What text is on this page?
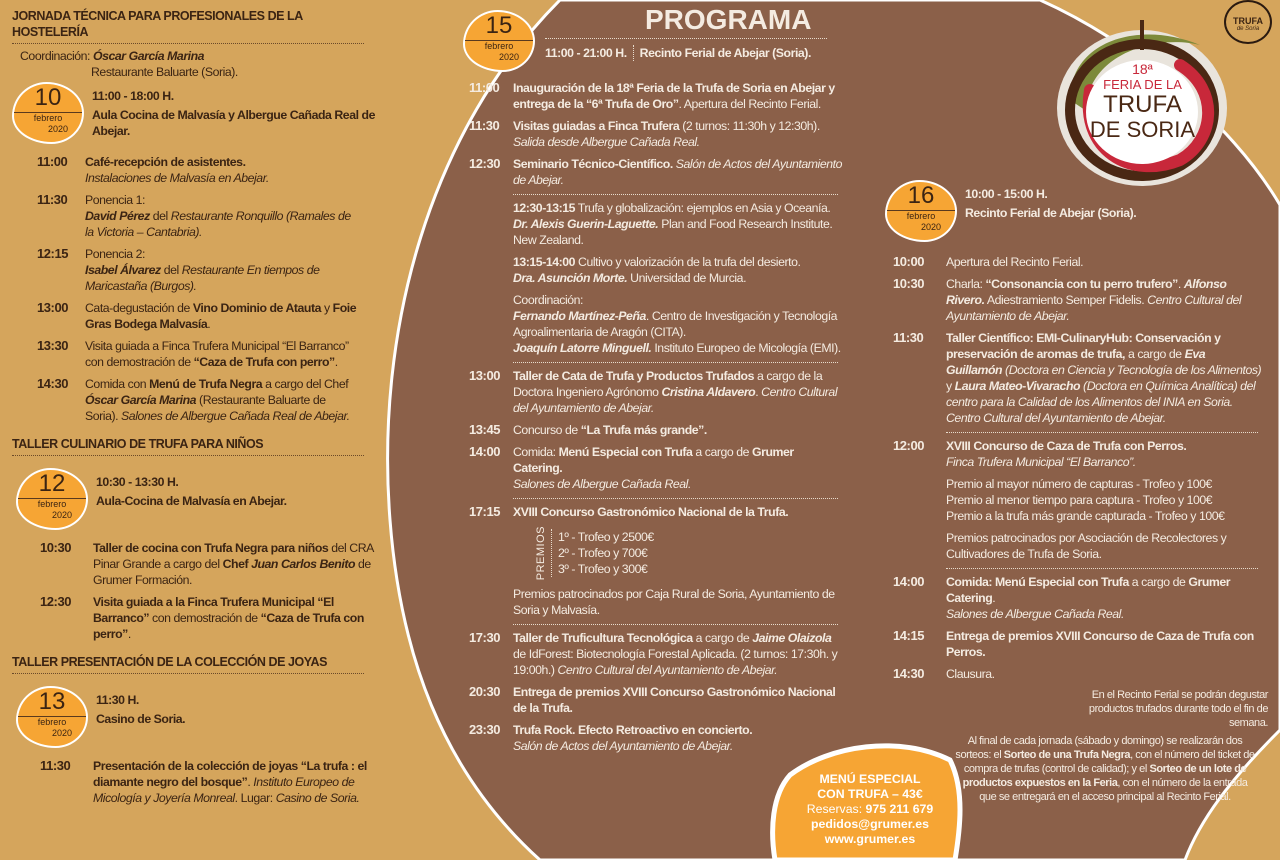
18ª
FERIA DE LA
TRUFA
DE SORIA
TRUFA
de Soria
JORNADA TÉCNICA PARA PROFESIONALES DE LA HOSTELERÍA
Coordinación: Óscar García Marina
Restaurante Baluarte (Soria).
10
febrero
2020
11:00 - 18:00 H.
Aula Cocina de Malvasía y Albergue Cañada Real de Abejar.
11:00	Café-recepción de asistentes.
Instalaciones de Malvasía en Abejar.
11:30	Ponencia 1:
David Pérez del Restaurante Ronquillo (Ramales de la Victoria – Cantabria).
12:15	Ponencia 2:
Isabel Álvarez del Restaurante En tiempos de Maricastaña (Burgos).
13:00	Cata-degustación de Vino Dominio de Atauta y Foie Gras Bodega Malvasía.
13:30	Visita guiada a Finca Trufera Municipal “El Barranco” con demostración de “Caza de Trufa con perro”.
14:30	Comida con Menú de Trufa Negra a cargo del Chef Óscar García Marina (Restaurante Baluarte de Soria). Salones de Albergue Cañada Real de Abejar.
TALLER CULINARIO DE TRUFA PARA NIÑOS
12
febrero
2020
10:30 - 13:30 H.
Aula-Cocina de Malvasía en Abejar.
10:30	Taller de cocina con Trufa Negra para niños del CRA Pinar Grande a cargo del Chef Juan Carlos Benito de Grumer Formación.
12:30	Visita guiada a la Finca Trufera Municipal “El Barranco” con demostración de “Caza de Trufa con perro”.
TALLER PRESENTACIÓN DE LA COLECCIÓN DE JOYAS
13
febrero
2020
11:30 H.
Casino de Soria.
11:30	Presentación de la colección de joyas “La trufa : el diamante negro del bosque”. Instituto Europeo de Micología y Joyería Monreal. Lugar: Casino de Soria.
15
febrero
2020
PROGRAMA
11:00 - 21:00 H.	Recinto Ferial de Abejar (Soria).
11:00	Inauguración de la 18ª Feria de la Trufa de Soria en Abejar y entrega de la “6ª Trufa de Oro”. Apertura del Recinto Ferial.
11:30	Visitas guiadas a Finca Trufera (2 turnos: 11:30h y 12:30h).
Salida desde Albergue Cañada Real.
12:30	Seminario Técnico-Científico. Salón de Actos del Ayuntamiento de Abejar.
12:30-13:15 Trufa y globalización: ejemplos en Asia y Oceanía.
Dr. Alexis Guerin-Laguette. Plan and Food Research Institute. New Zealand.
13:15-14:00 Cultivo y valorización de la trufa del desierto.
Dra. Asunción Morte. Universidad de Murcia.
Coordinación:
Fernando Martínez-Peña. Centro de Investigación y Tecnología Agroalimentaria de Aragón (CITA).
Joaquín Latorre Minguell. Instituto Europeo de Micología (EMI).
13:00	Taller de Cata de Trufa y Productos Trufados a cargo de la Doctora Ingeniero Agrónomo Cristina Aldavero. Centro Cultural del Ayuntamiento de Abejar.
13:45	Concurso de “La Trufa más grande”.
14:00	Comida: Menú Especial con Trufa a cargo de Grumer Catering.
Salones de Albergue Cañada Real.
17:15	XVIII Concurso Gastronómico Nacional de la Trufa.
PREMIOS 1º - Trofeo y 2500€
2º - Trofeo y 700€
3º - Trofeo y 300€
Premios patrocinados por Caja Rural de Soria, Ayuntamiento de Soria y Malvasía.
17:30	Taller de Truficultura Tecnológica a cargo de Jaime Olaizola de IdForest: Biotecnología Forestal Aplicada. (2 turnos: 17:30h. y 19:00h.) Centro Cultural del Ayuntamiento de Abejar.
20:30	Entrega de premios XVIII Concurso Gastronómico Nacional de la Trufa.
23:30	Trufa Rock. Efecto Retroactivo en concierto.
Salón de Actos del Ayuntamiento de Abejar.
16
febrero
2020
10:00 - 15:00 H.
Recinto Ferial de Abejar (Soria).
10:00	Apertura del Recinto Ferial.
10:30	Charla: “Consonancia con tu perro trufero”. Alfonso Rivero. Adiestramiento Semper Fidelis. Centro Cultural del Ayuntamiento de Abejar.
11:30	Taller Científico: EMI-CulinaryHub: Conservación y preservación de aromas de trufa, a cargo de Eva Guillamón (Doctora en Ciencia y Tecnología de los Alimentos) y Laura Mateo-Vivaracho (Doctora en Química Analítica) del centro para la Calidad de los Alimentos del INIA en Soria. Centro Cultural del Ayuntamiento de Abejar.
12:00	XVIII Concurso de Caza de Trufa con Perros.
Finca Trufera Municipal “El Barranco”.
Premio al mayor número de capturas - Trofeo y 100€
Premio al menor tiempo para captura - Trofeo y 100€
Premio a la trufa más grande capturada - Trofeo y 100€
Premios patrocinados por Asociación de Recolectores y Cultivadores de Trufa de Soria.
14:00	Comida: Menú Especial con Trufa a cargo de Grumer Catering.
Salones de Albergue Cañada Real.
14:15	Entrega de premios XVIII Concurso de Caza de Trufa con Perros.
14:30	Clausura.
En el Recinto Ferial se podrán degustar productos trufados durante todo el fin de semana.
Al final de cada jornada (sábado y domingo) se realizarán dos sorteos: el Sorteo de una Trufa Negra, con el número del ticket de compra de trufas (control de calidad); y el Sorteo de un lote de productos expuestos en la Feria, con el número de la entrada que se entregará en el acceso principal al Recinto Ferial.
MENÚ ESPECIAL
CON TRUFA – 43€
Reservas: 975 211 679
pedidos@grumer.es
www.grumer.es
